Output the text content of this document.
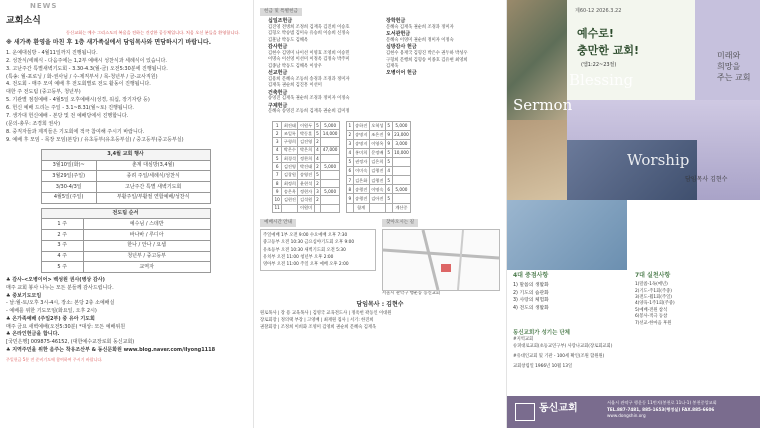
NEWS
교회소식
동신교회는 예수 그리스도의 복음을 전하는 건강한 공동체입니다. 처음 오신 분들을 환영합니다.
※ 새가족 환영을 마친 후 1층 새가족실에서 담임목사와 면담하시기 바랍니다.
1. 운예대심방 - 4월11일까지 진행됩니다.
2. 성찬식/세례식 - 다음주에는 1,2부 예배시 성찬식과 세례식이 있습니다.
3. 고난주간 특별새벽기도회 - 3.30-4.3(월-금) 오전5:30분에 진행됩니다.
(특송: 월-포로닝 / 화-권사님 / 수-제직부서 / 목-청년부 / 금-교사직원)
4. 전도회 - 매주 모여 예배 후 전도회별로 전도 활동이 진행됩니다.
대한 주 전도팀 (중고등부, 청년부)
5. 기관별 점검예배 - 4월5일 오후예배시(성경, 워십, 장기자랑 등)
6. 헌신 예배 드리는 주일 - 3.1~8.31(월~토) 진행됩니다.
7. 생가대 헌신예배 - 본당 및 전 예배당에서 진행합니다.
(문의-총무: 조경희 권사)
8. 중직자들과 제직들은 기도회에 적극 참여해 주시기 바랍니다.
9. 예배 후 모임 - 목장 모임(본당) / 유초등부(유초등부실) / 중고등부(중고등부실)
3,4월 교회 행사	
3월10일(화)~	춘계 대심방(3,4월)
3월29일(주일)	종려 주일/세례식/성찬식
3/30-4/3일	고난주간 특별 새벽기도회
4월5일(주일)	부활주일/부활절 연합예배/성찬식
전도팀 순서	
1 주	예수님 / 스데반
2 주	바나바 / 루디아
3 주	한나 / 안나 / 요셉
4 주	청년부 / 중고등부
5 주	교역자
♣ 감사-<오병이어> 백성원 권사(병상 감사)
매주 교회 봉사 나누는 모든 분들께 감사드립니다.
♣ 중보기도모임
- 날:월-토/오후 3시-4시, 장소: 본당 2층 소예배실
- 예배를 위한 기도모임(화요일, 오후 2시)
♣ 온가족예배 (주일2부) 중 유아 기도회
매주 금요 새벽예배(오전5:30분) *대상: 모든 예배위원
♣ 온라인헌금을 합니다.
[국민은행] 009875-46152, (대한예수교장로회 동신교회)
♣ 지역주민을 위한 음주는 착유조산부 & 동신문화원 www.blog.naver.com/ilyong1118
주일헌금 5분 전 준비기도에 참여하여 주시기 바랍니다.
헌금 및 특별헌금
십일조헌금
김진영 전병희 조정희 김재욱 김진희 이승호
김형오 박승범 김미숙 유승희 이승희 신정숙
김훈남 박동도 김해옥
감사헌금
김현수 김영미 나이선 이영효 조영희 이승민
이명숙 이선영 이선미 이정옥 김정숙 박주미
김종남 박동도 김해옥 이상우
선교헌금
김용희 문혜숙 조동희 송경과 조경과 정미자
김재욱 권순희 김진흥 이선미
건축헌금
송영진 김재욱 권순희 조경과 정미자 이정숙
구제헌금
문혜숙 송영진 조동희 김재욱 권순희 김미정
장학헌금
문혜숙 김재욱 권순희 조경과 정미자
도서관헌금
문혜숙 이영미 권순희 정미자 이정숙
심방감사 헌금
김현수 용재국 김형진 박은수 권두하 박성우
구형희 문행희 김형송 이종호 김유현 최영희
김재욱
오병이어 헌금
1	최진태	이원두	5	5,000
2	조일록	박동훈	5	14,000
3	구형희	김진영	2	
4	박은수	박은희	4	47,000
5	최경석	정찬희	4	
6	김진영	박진태	2	5,000
7	김창원	송영진	5	
8	최정희	윤현석	2	
9	송은옥	정현자	3	5,000
10	김현진	김석원	2	
11		이원미		
1	송하진	오혁성	5	5,000
2	송명지	조은진	9	23,000
3	송명지	이영옥	9	3,000
4	홍미희	문정배	5	10,000
5	권정자	김은희	5	
6	이미숙	김행진	4	
7	김은화	김행진	5	
8	송행진	이명숙	6	5,000
9	송행진	김아진	5	
	합계			계산중
예배시간 안내
주일예배 1부 오전 9:00 수요예배 오후 7:30
중고등부 오전 10:30 금요심야기도회 오후 9:00
유초등부 오전 10:30 새벽기도회 오전 5:30
유치부 오전 11:00 청년부 오후 2:00
영아부 오전 11:00 주일 오후 예배 오후 2:00
찾아오시는 길
서울시 관악구 행운동 동신교회
담임목사 : 김현수
원로목사 | 장 용 교육목사 | 김영국 교육전도사 | 정옥헌 곽동인 이대원
장로회장 | 정의택 부장 | 고영배 | 최재원 집사 | 서기: 한진희
권찰회장 | 조정희 이희화 조영미 김영희 권순희 문혜숙 김재욱
제60-12 2026.3.22
예수로!
충만한 교회!
(엡1:22~23절)
미래와
희망을
주는 교회
Blessing
Sermon
Worship
DONGSHIN
PRESBYTERIAN
CHURCH
담임목사 김현수
Love
4대 중점사항
1) 말씀의 생활화
2) 기도의 습관화
3) 사랑의 체험화
4) 전도의 생활화
7대 실천사항
1)말씀-1독(매년)
2)기도-주1회(주중)
3)전도-월1회(주일)
4)양육-1주1회(주중)
5)예배-전원 참석
6)봉사-적극 동참
7)선교-한마음 후원
동신교회가 성기는 단체
#지역교회
슈퍼대로교회(초등교연구부) 사랑나교회(장로회교회)
#유대인교회 및 기관 - 100세 확인(조원 합원원)
교회창립일 1966년 10월 13일
동신교회
서울시 관악구 행운동 11번지(봉천로 11나-1) 봉천중앙교회
TEL.887-7481, 885-1653(행정실) FAX.885-6606
www.dongshin.org
